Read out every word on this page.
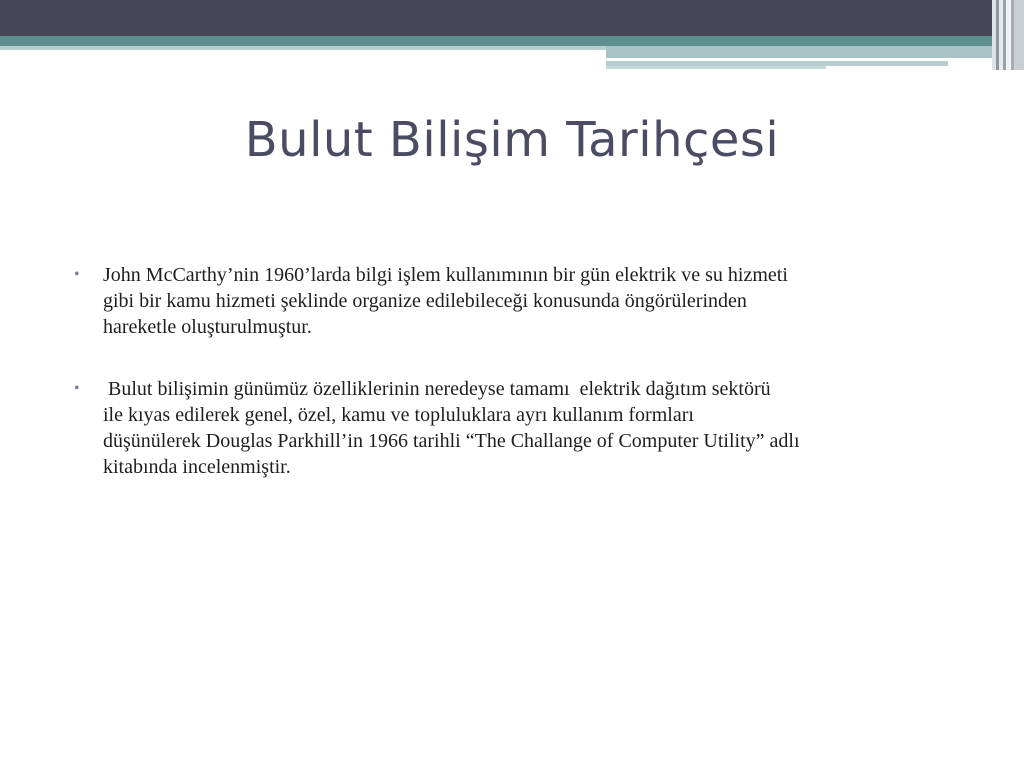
Bulut Bilişim Tarihçesi
• John McCarthy’nin 1960’larda bilgi işlem kullanımının bir gün elektrik ve su hizmeti
gibi bir kamu hizmeti şeklinde organize edilebileceği konusunda öngörülerinden
hareketle oluşturulmuştur.
• Bulut bilişimin günümüz özelliklerinin neredeyse tamamı  elektrik dağıtım sektörü
ile kıyas edilerek genel, özel, kamu ve topluluklara ayrı kullanım formları
düşünülerek Douglas Parkhill’in 1966 tarihli “The Challange of Computer Utility” adlı
kitabında incelenmiştir.
